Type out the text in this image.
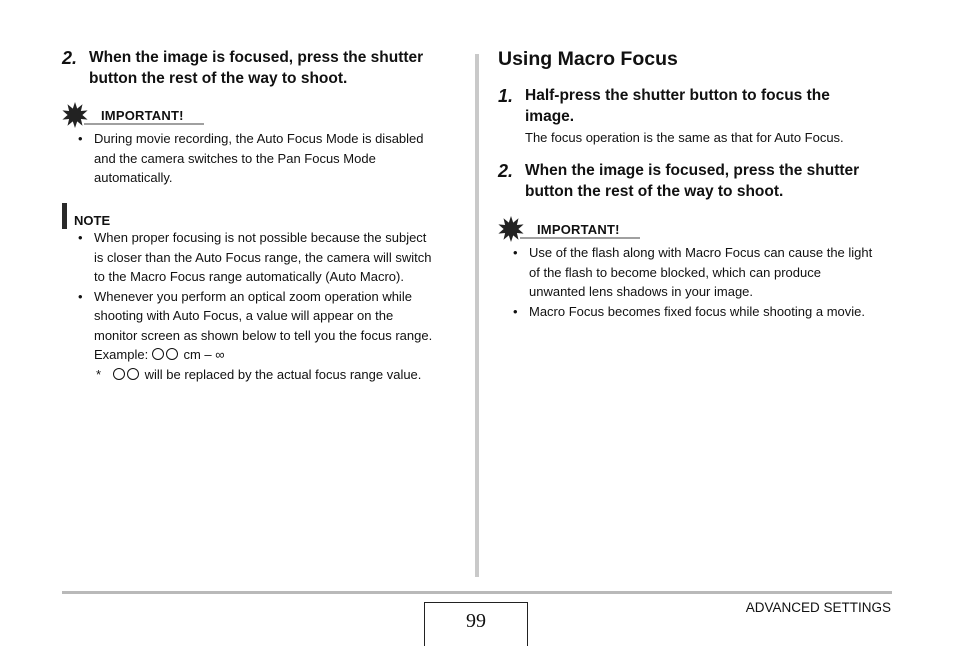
2. When the image is focused, press the shutter
button the rest of the way to shoot.
IMPORTANT!
• During movie recording, the Auto Focus Mode is disabled
and the camera switches to the Pan Focus Mode
automatically.
NOTE
• When proper focusing is not possible because the subject
is closer than the Auto Focus range, the camera will switch
to the Macro Focus range automatically (Auto Macro).
• Whenever you perform an optical zoom operation while
shooting with Auto Focus, a value will appear on the
monitor screen as shown below to tell you the focus range.
Example:	cm – ∞
*	will be replaced by the actual focus range value.
Using Macro Focus
1. Half-press the shutter button to focus the
image.
The focus operation is the same as that for Auto Focus.
2. When the image is focused, press the shutter
button the rest of the way to shoot.
IMPORTANT!
• Use of the flash along with Macro Focus can cause the light
of the flash to become blocked, which can produce
unwanted lens shadows in your image.
• Macro Focus becomes fixed focus while shooting a movie.
99
ADVANCED SETTINGS
